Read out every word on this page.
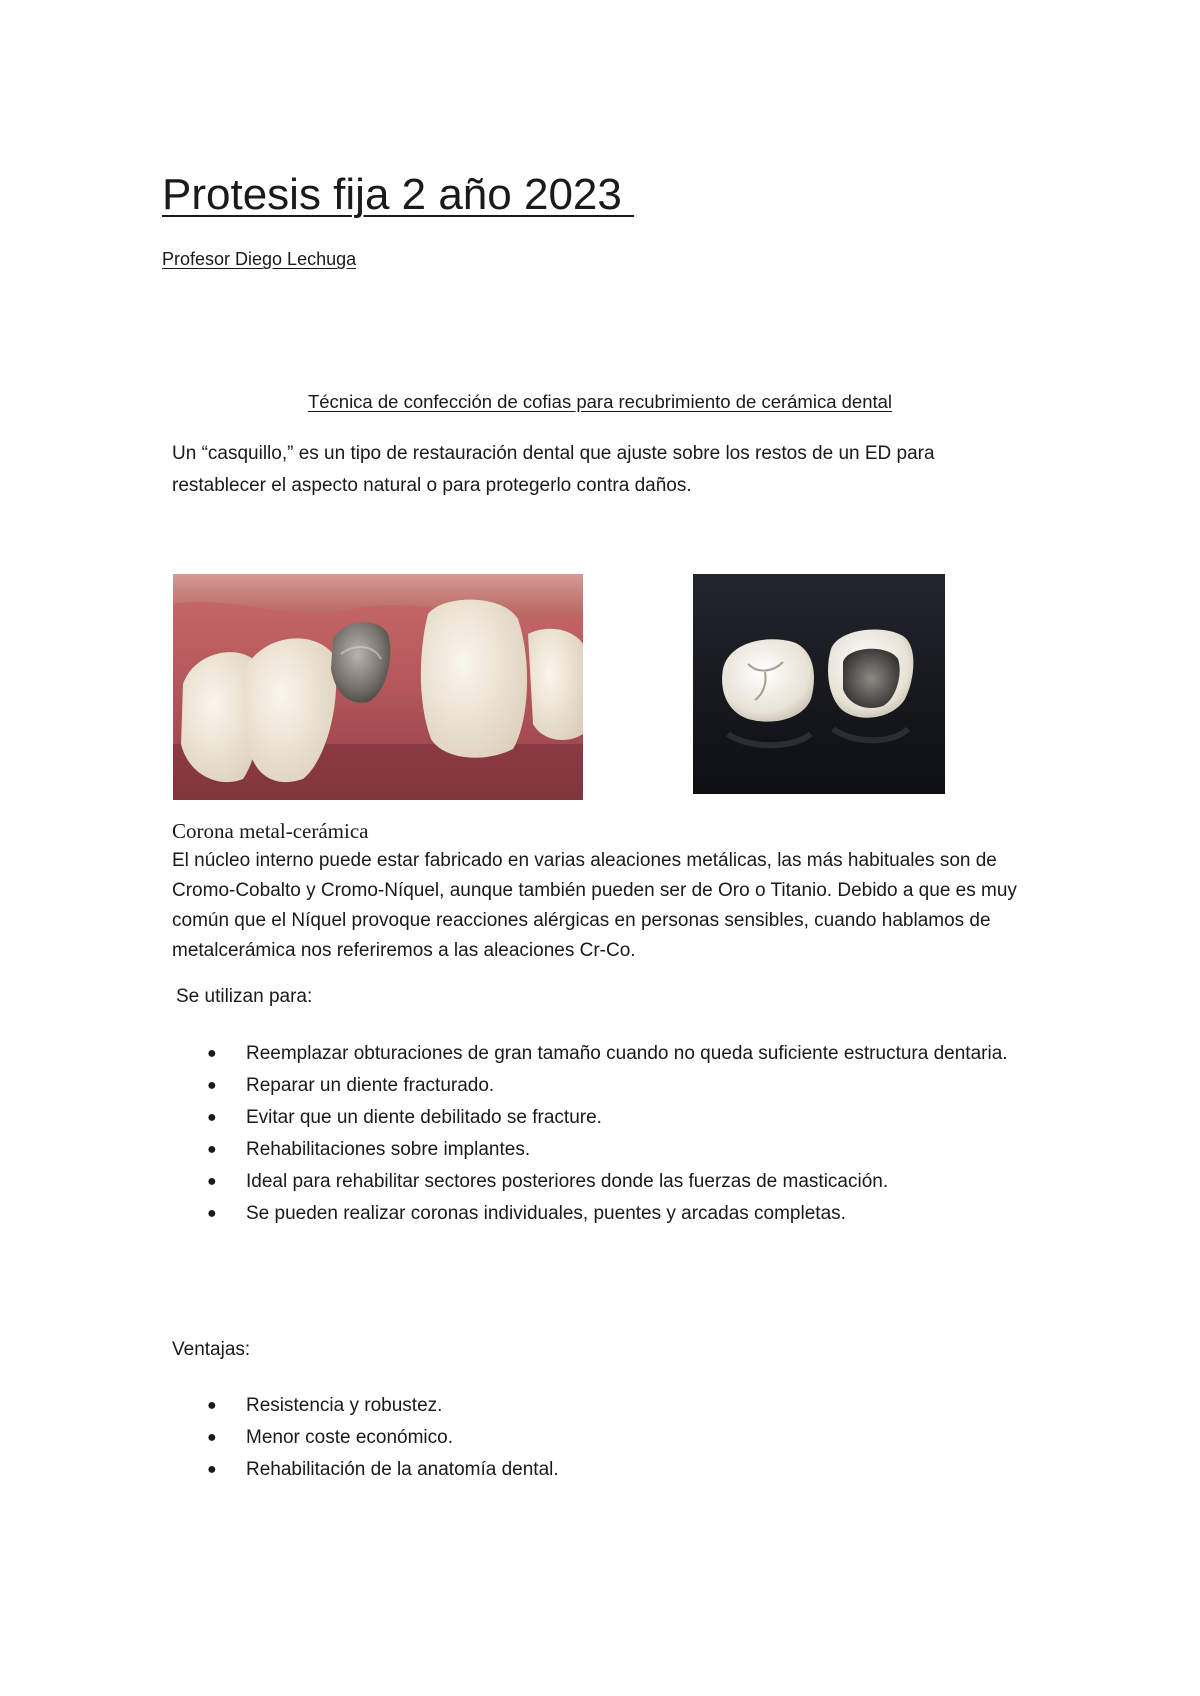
Protesis fija 2 año 2023
Profesor Diego Lechuga
Técnica de confección de cofias para recubrimiento de cerámica dental
Un “casquillo,” es un tipo de restauración dental que ajuste sobre los restos de un ED para restablecer el aspecto natural o para protegerlo contra daños.
Corona metal-cerámica
El núcleo interno puede estar fabricado en varias aleaciones metálicas, las más habituales son de Cromo-Cobalto y Cromo-Níquel, aunque también pueden ser de Oro o Titanio. Debido a que es muy común que el Níquel provoque reacciones alérgicas en personas sensibles, cuando hablamos de metalcerámica nos referiremos a las aleaciones Cr-Co.
Se utilizan para:
● Reemplazar obturaciones de gran tamaño cuando no queda suficiente estructura dentaria.
● Reparar un diente fracturado.
● Evitar que un diente debilitado se fracture.
● Rehabilitaciones sobre implantes.
● Ideal para rehabilitar sectores posteriores donde las fuerzas de masticación.
● Se pueden realizar coronas individuales, puentes y arcadas completas.
Ventajas:
● Resistencia y robustez.
● Menor coste económico.
● Rehabilitación de la anatomía dental.
